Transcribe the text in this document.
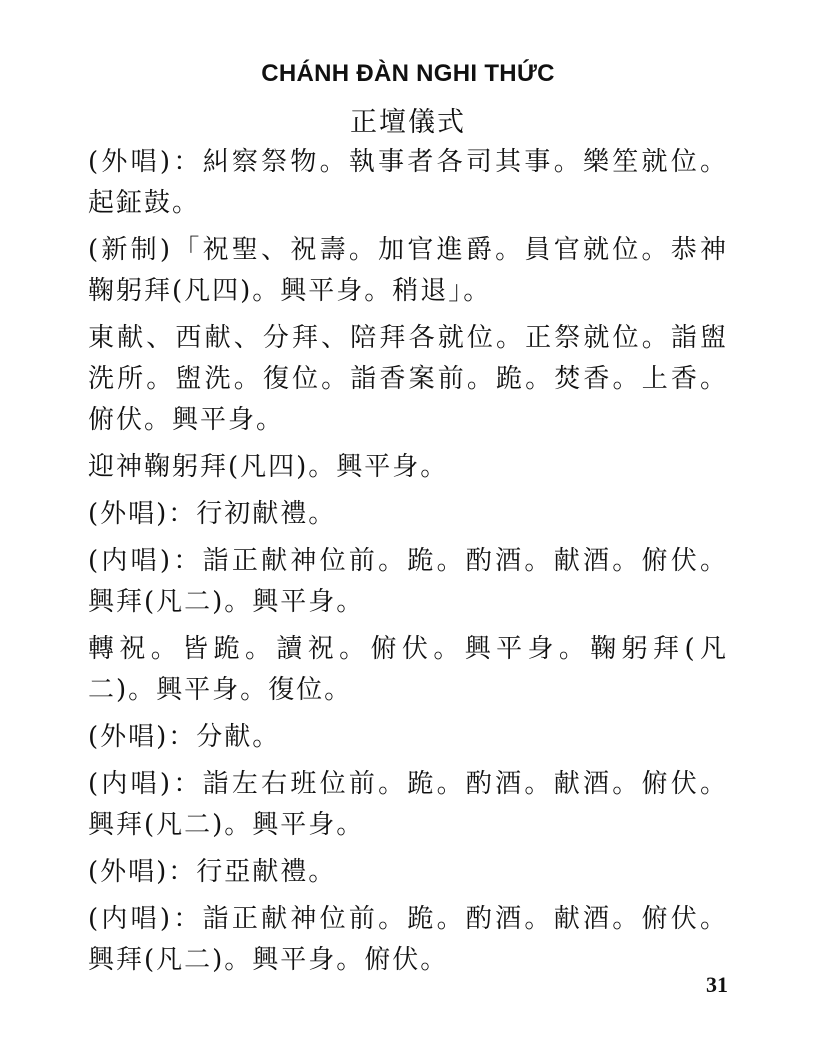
CHÁNH ĐÀN NGHI THỨC
正壇儀式

(外唱)：糾察祭物。執事者各司其事。樂笙就位。起鉦鼓。

(新制)「祝聖、祝壽。加官進爵。員官就位。恭神鞠躬拜(凡四)。興平身。稍退」。

東献、西献、分拜、陪拜各就位。正祭就位。詣盥洗所。盥洗。復位。詣香案前。跪。焚香。上香。俯伏。興平身。

迎神鞠躬拜(凡四)。興平身。

(外唱)：行初献禮。

(内唱)：詣正献神位前。跪。酌酒。献酒。俯伏。興拜(凡二)。興平身。

轉祝。皆跪。讀祝。俯伏。興平身。鞠躬拜(凡二)。興平身。復位。

(外唱)：分献。

(内唱)：詣左右班位前。跪。酌酒。献酒。俯伏。興拜(凡二)。興平身。

(外唱)：行亞献禮。

(内唱)：詣正献神位前。跪。酌酒。献酒。俯伏。興拜(凡二)。興平身。俯伏。

31
